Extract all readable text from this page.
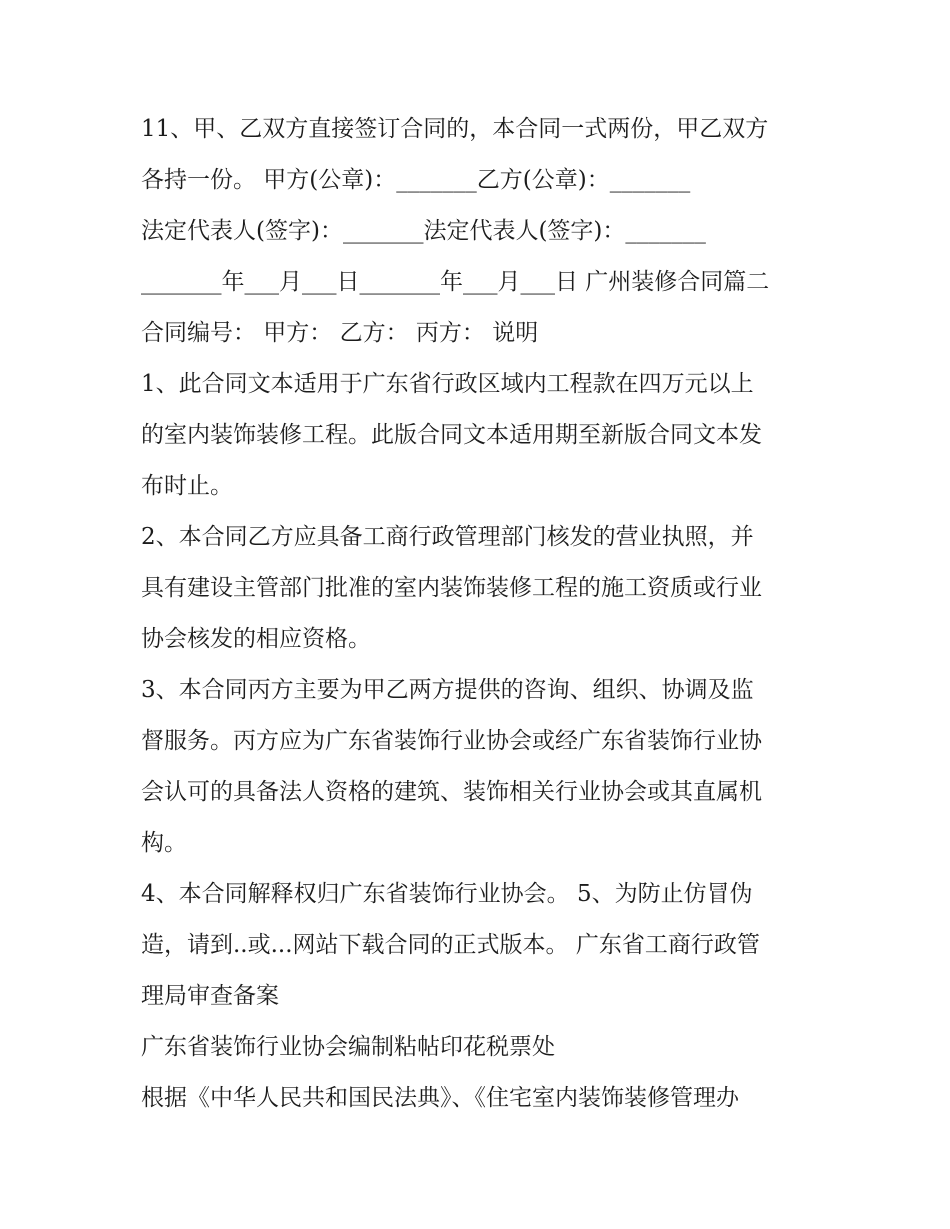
11、甲、乙双方直接签订合同的，本合同一式两份，甲乙双方

各持一份。 甲方(公章)：_______乙方(公章)：_______

法定代表人(签字)：_______法定代表人(签字)：_______

_______年___月___日_______年___月___日 广州装修合同篇二

合同编号： 甲方： 乙方： 丙方： 说明

1、此合同文本适用于广东省行政区域内工程款在四万元以上

的室内装饰装修工程。此版合同文本适用期至新版合同文本发

布时止。

2、本合同乙方应具备工商行政管理部门核发的营业执照，并

具有建设主管部门批准的室内装饰装修工程的施工资质或行业

协会核发的相应资格。

3、本合同丙方主要为甲乙两方提供的咨询、组织、协调及监

督服务。丙方应为广东省装饰行业协会或经广东省装饰行业协

会认可的具备法人资格的建筑、装饰相关行业协会或其直属机

构。

4、本合同解释权归广东省装饰行业协会。 5、为防止仿冒伪

造，请到..或...网站下载合同的正式版本。 广东省工商行政管

理局审查备案

广东省装饰行业协会编制粘帖印花税票处

根据《中华人民共和国民法典》、《住宅室内装饰装修管理办
